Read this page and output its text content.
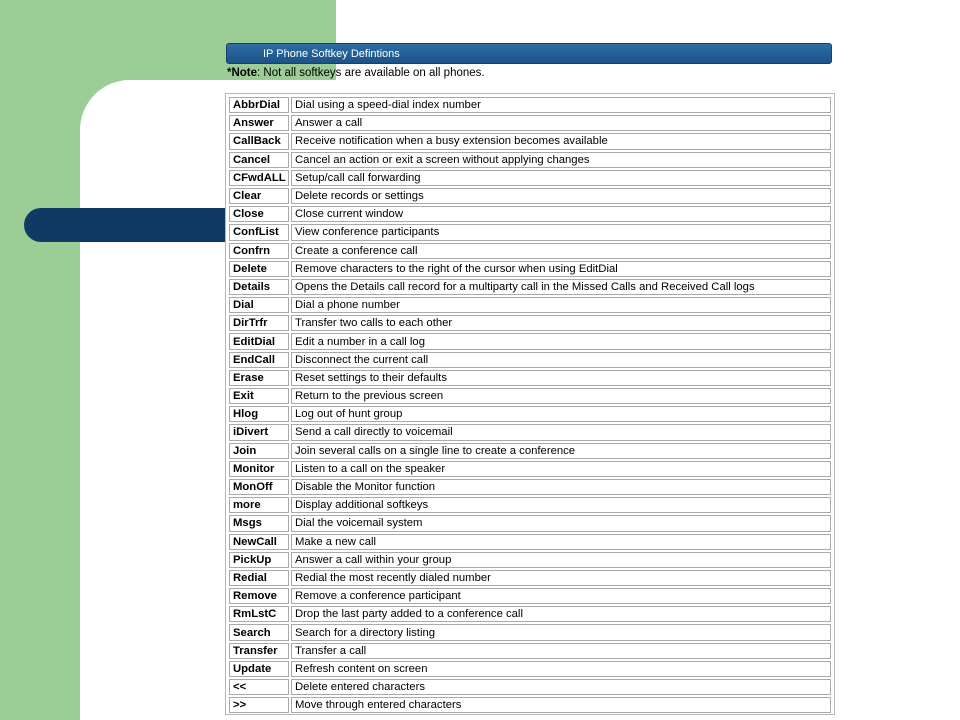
IP Phone Softkey Defintions
*Note: Not all softkeys are available on all phones.
AbbrDial	Dial using a speed-dial index number
Answer	Answer a call
CallBack	Receive notification when a busy extension becomes available
Cancel	Cancel an action or exit a screen without applying changes
CFwdALL	Setup/call call forwarding
Clear	Delete records or settings
Close	Close current window
ConfList	View conference participants
Confrn	Create a conference call
Delete	Remove characters to the right of the cursor when using EditDial
Details	Opens the Details call record for a multiparty call in the Missed Calls and Received Call logs
Dial	Dial a phone number
DirTrfr	Transfer two calls to each other
EditDial	Edit a number in a call log
EndCall	Disconnect the current call
Erase	Reset settings to their defaults
Exit	Return to the previous screen
Hlog	Log out of hunt group
iDivert	Send a call directly to voicemail
Join	Join several calls on a single line to create a conference
Monitor	Listen to a call on the speaker
MonOff	Disable the Monitor function
more	Display additional softkeys
Msgs	Dial the voicemail system
NewCall	Make a new call
PickUp	Answer a call within your group
Redial	Redial the most recently dialed number
Remove	Remove a conference participant
RmLstC	Drop the last party added to a conference call
Search	Search for a directory listing
Transfer	Transfer a call
Update	Refresh content on screen
<<	Delete entered characters
>>	Move through entered characters
